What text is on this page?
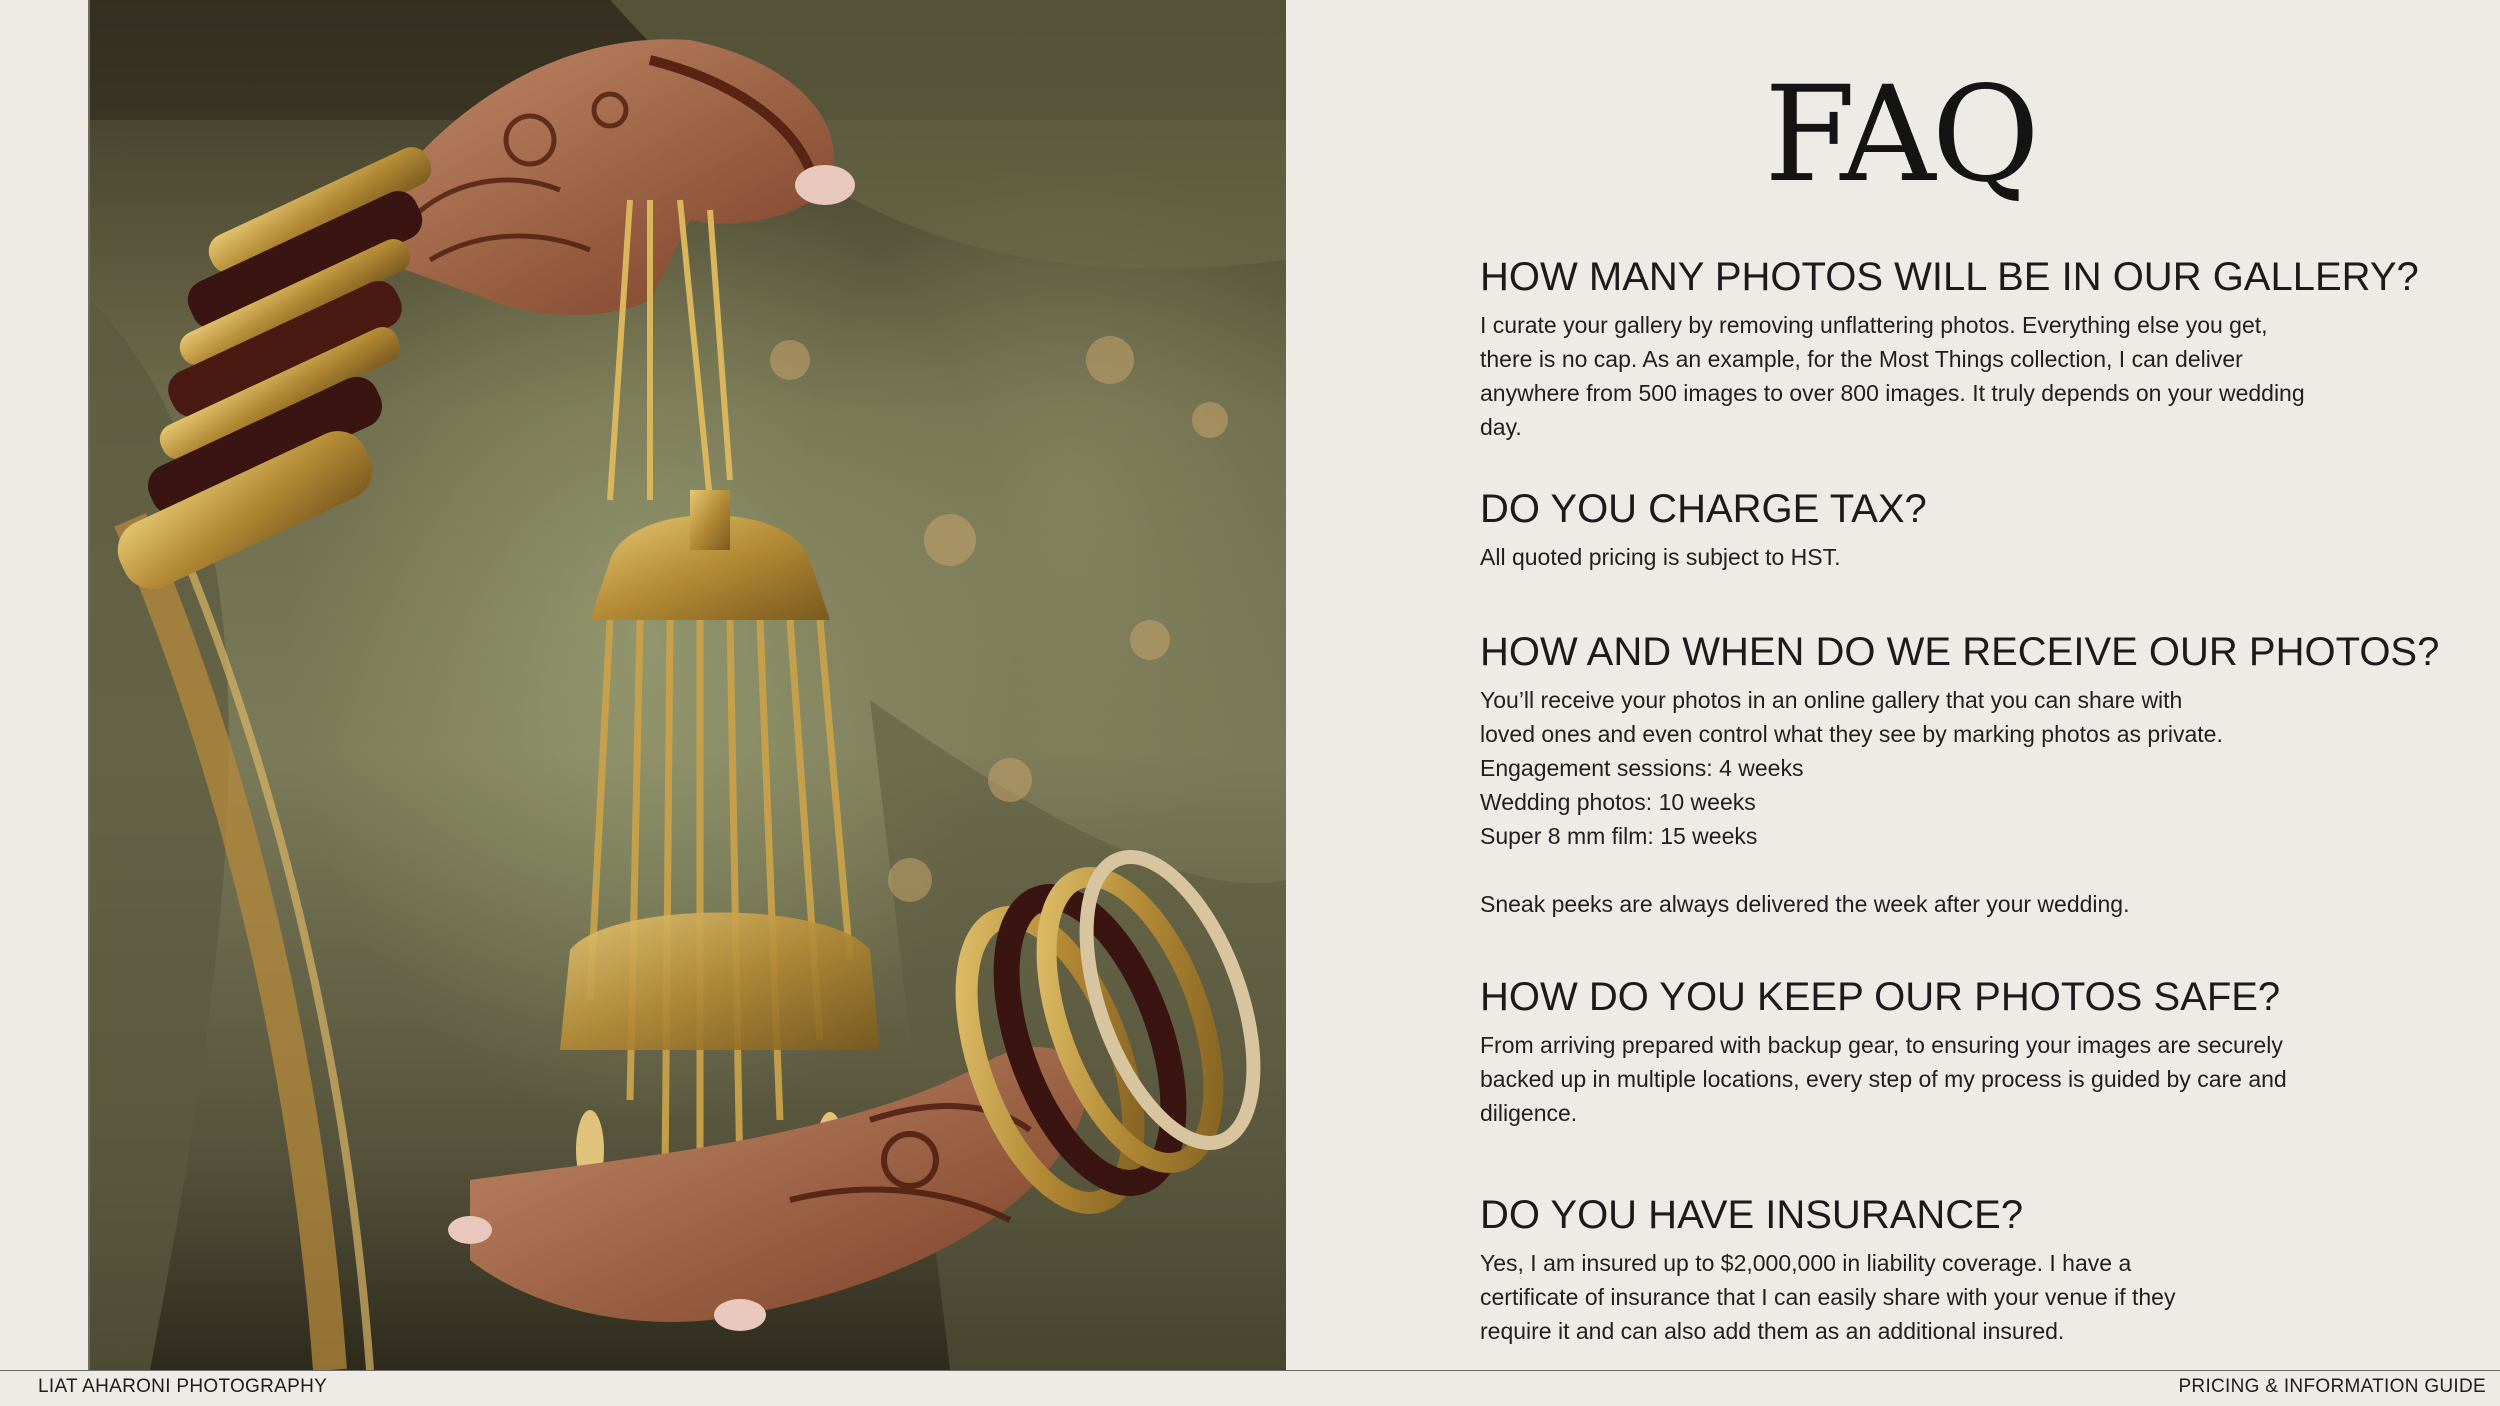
FAQ
HOW MANY PHOTOS WILL BE IN OUR GALLERY?

I curate your gallery by removing unflattering photos. Everything else you get,
there is no cap. As an example, for the Most Things collection, I can deliver
anywhere from 500 images to over 800 images. It truly depends on your wedding
day.

DO YOU CHARGE TAX?

All quoted pricing is subject to HST.

HOW AND WHEN DO WE RECEIVE OUR PHOTOS?

You’ll receive your photos in an online gallery that you can share with
loved ones and even control what they see by marking photos as private.
Engagement sessions: 4 weeks
Wedding photos: 10 weeks
Super 8 mm film: 15 weeks

Sneak peeks are always delivered the week after your wedding.

HOW DO YOU KEEP OUR PHOTOS SAFE?

From arriving prepared with backup gear, to ensuring your images are securely
backed up in multiple locations, every step of my process is guided by care and
diligence.

DO YOU HAVE INSURANCE?

Yes, I am insured up to $2,000,000 in liability coverage. I have a
certificate of insurance that I can easily share with your venue if they
require it and can also add them as an additional insured.

LIAT AHARONI PHOTOGRAPHY	PRICING & INFORMATION GUIDE
